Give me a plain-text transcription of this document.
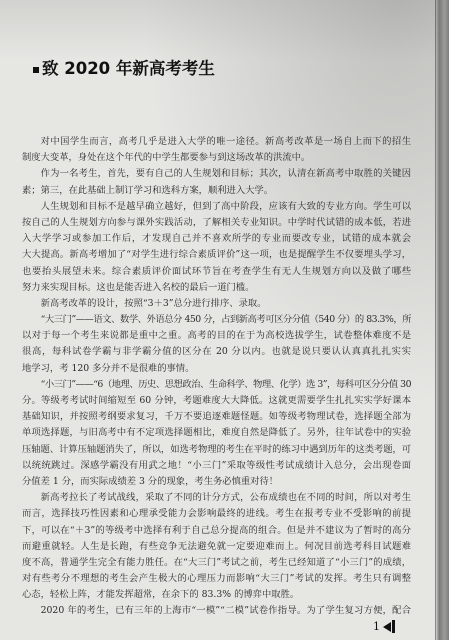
致 2020 年新高考考生
对中国学生而言，高考几乎是进入大学的唯一途径。新高考改革是一场自上而下的招生
制度大变革，身处在这个年代的中学生都要参与到这场改革的洪流中。
作为一名考生，首先，要有自己的人生规划和目标；其次，认清在新高考中取胜的关键因
素；第三，在此基础上制订学习和选科方案，顺利进入大学。
人生规划和目标不是越早确立越好，但到了高中阶段，应该有大致的专业方向。学生可以
按自己的人生规划方向参与课外实践活动，了解相关专业知识。中学时代试错的成本低，若进
入大学学习或参加工作后，才发现自己并不喜欢所学的专业而要改专业，试错的成本就会
大大提高。新高考增加了“对学生进行综合素质评价”这一项，也是提醒学生不仅要埋头学习，
也要抬头展望未来。综合素质评价面试环节旨在考查学生有无人生规划方向以及做了哪些
努力来实现目标。这也是能否进入名校的最后一道门槛。
新高考改革的设计，按照“3＋3”总分进行排序、录取。
“大三门”——语文、数学、外语总分 450 分，占到新高考可区分分值（540 分）的 83.3%，所
以对于每一个考生来说都是重中之重。高考的目的在于为高校选拔学生，试卷整体难度不是
很高，每科试卷学霸与非学霸分值的区分在 20 分以内。也就是说只要认认真真扎扎实实
地学习，考 120 多分并不是很难的事情。
“小三门”——“6（地理、历史、思想政治、生命科学、物理、化学）选 3”，每科可区分分值 30
分。等级考考试时间缩短至 60 分钟，考题难度大大降低。这就更需要学生扎扎实实学好课本
基础知识，并按照考纲要求复习，千万不要追逐难题怪题。如等级考物理试卷，选择题全部为
单项选择题，与旧高考中有不定项选择题相比，难度自然是降低了。另外，往年试卷中的实验
压轴题、计算压轴题消失了，所以，如选考物理的考生在平时的练习中遇到历年的这类考题，可
以统统跳过。深感学霸没有用武之地！“小三门”采取等级性考试成绩计入总分，会出现卷面
分值差 1 分，而实际成绩差 3 分的现象，考生务必慎重对待！
新高考拉长了考试战线，采取了不同的计分方式，公布成绩也在不同的时间，所以对考生
而言，选择技巧性因素和心理承受能力会影响最终的进线。考生在报考专业不受影响的前提
下，可以在“＋3”的等级考中选择有利于自己总分提高的组合。但是并不建议为了暂时的高分
而避重就轻。人生是长跑，有些竞争无法避免就一定要迎难而上。何况目前选考科目试题难
度不高，普通学生完全有能力胜任。在“大三门”考试之前，考生已经知道了“小三门”的成绩，
对有些考分不理想的考生会产生极大的心理压力而影响“大三门”考试的发挥。考生只有调整
心态，轻松上阵，才能发挥超常，在余下的 83.3% 的博弈中取胜。
2020 年的考生，已有三年的上海市“一模”“二模”试卷作指导。为了学生复习方便，配合
1
